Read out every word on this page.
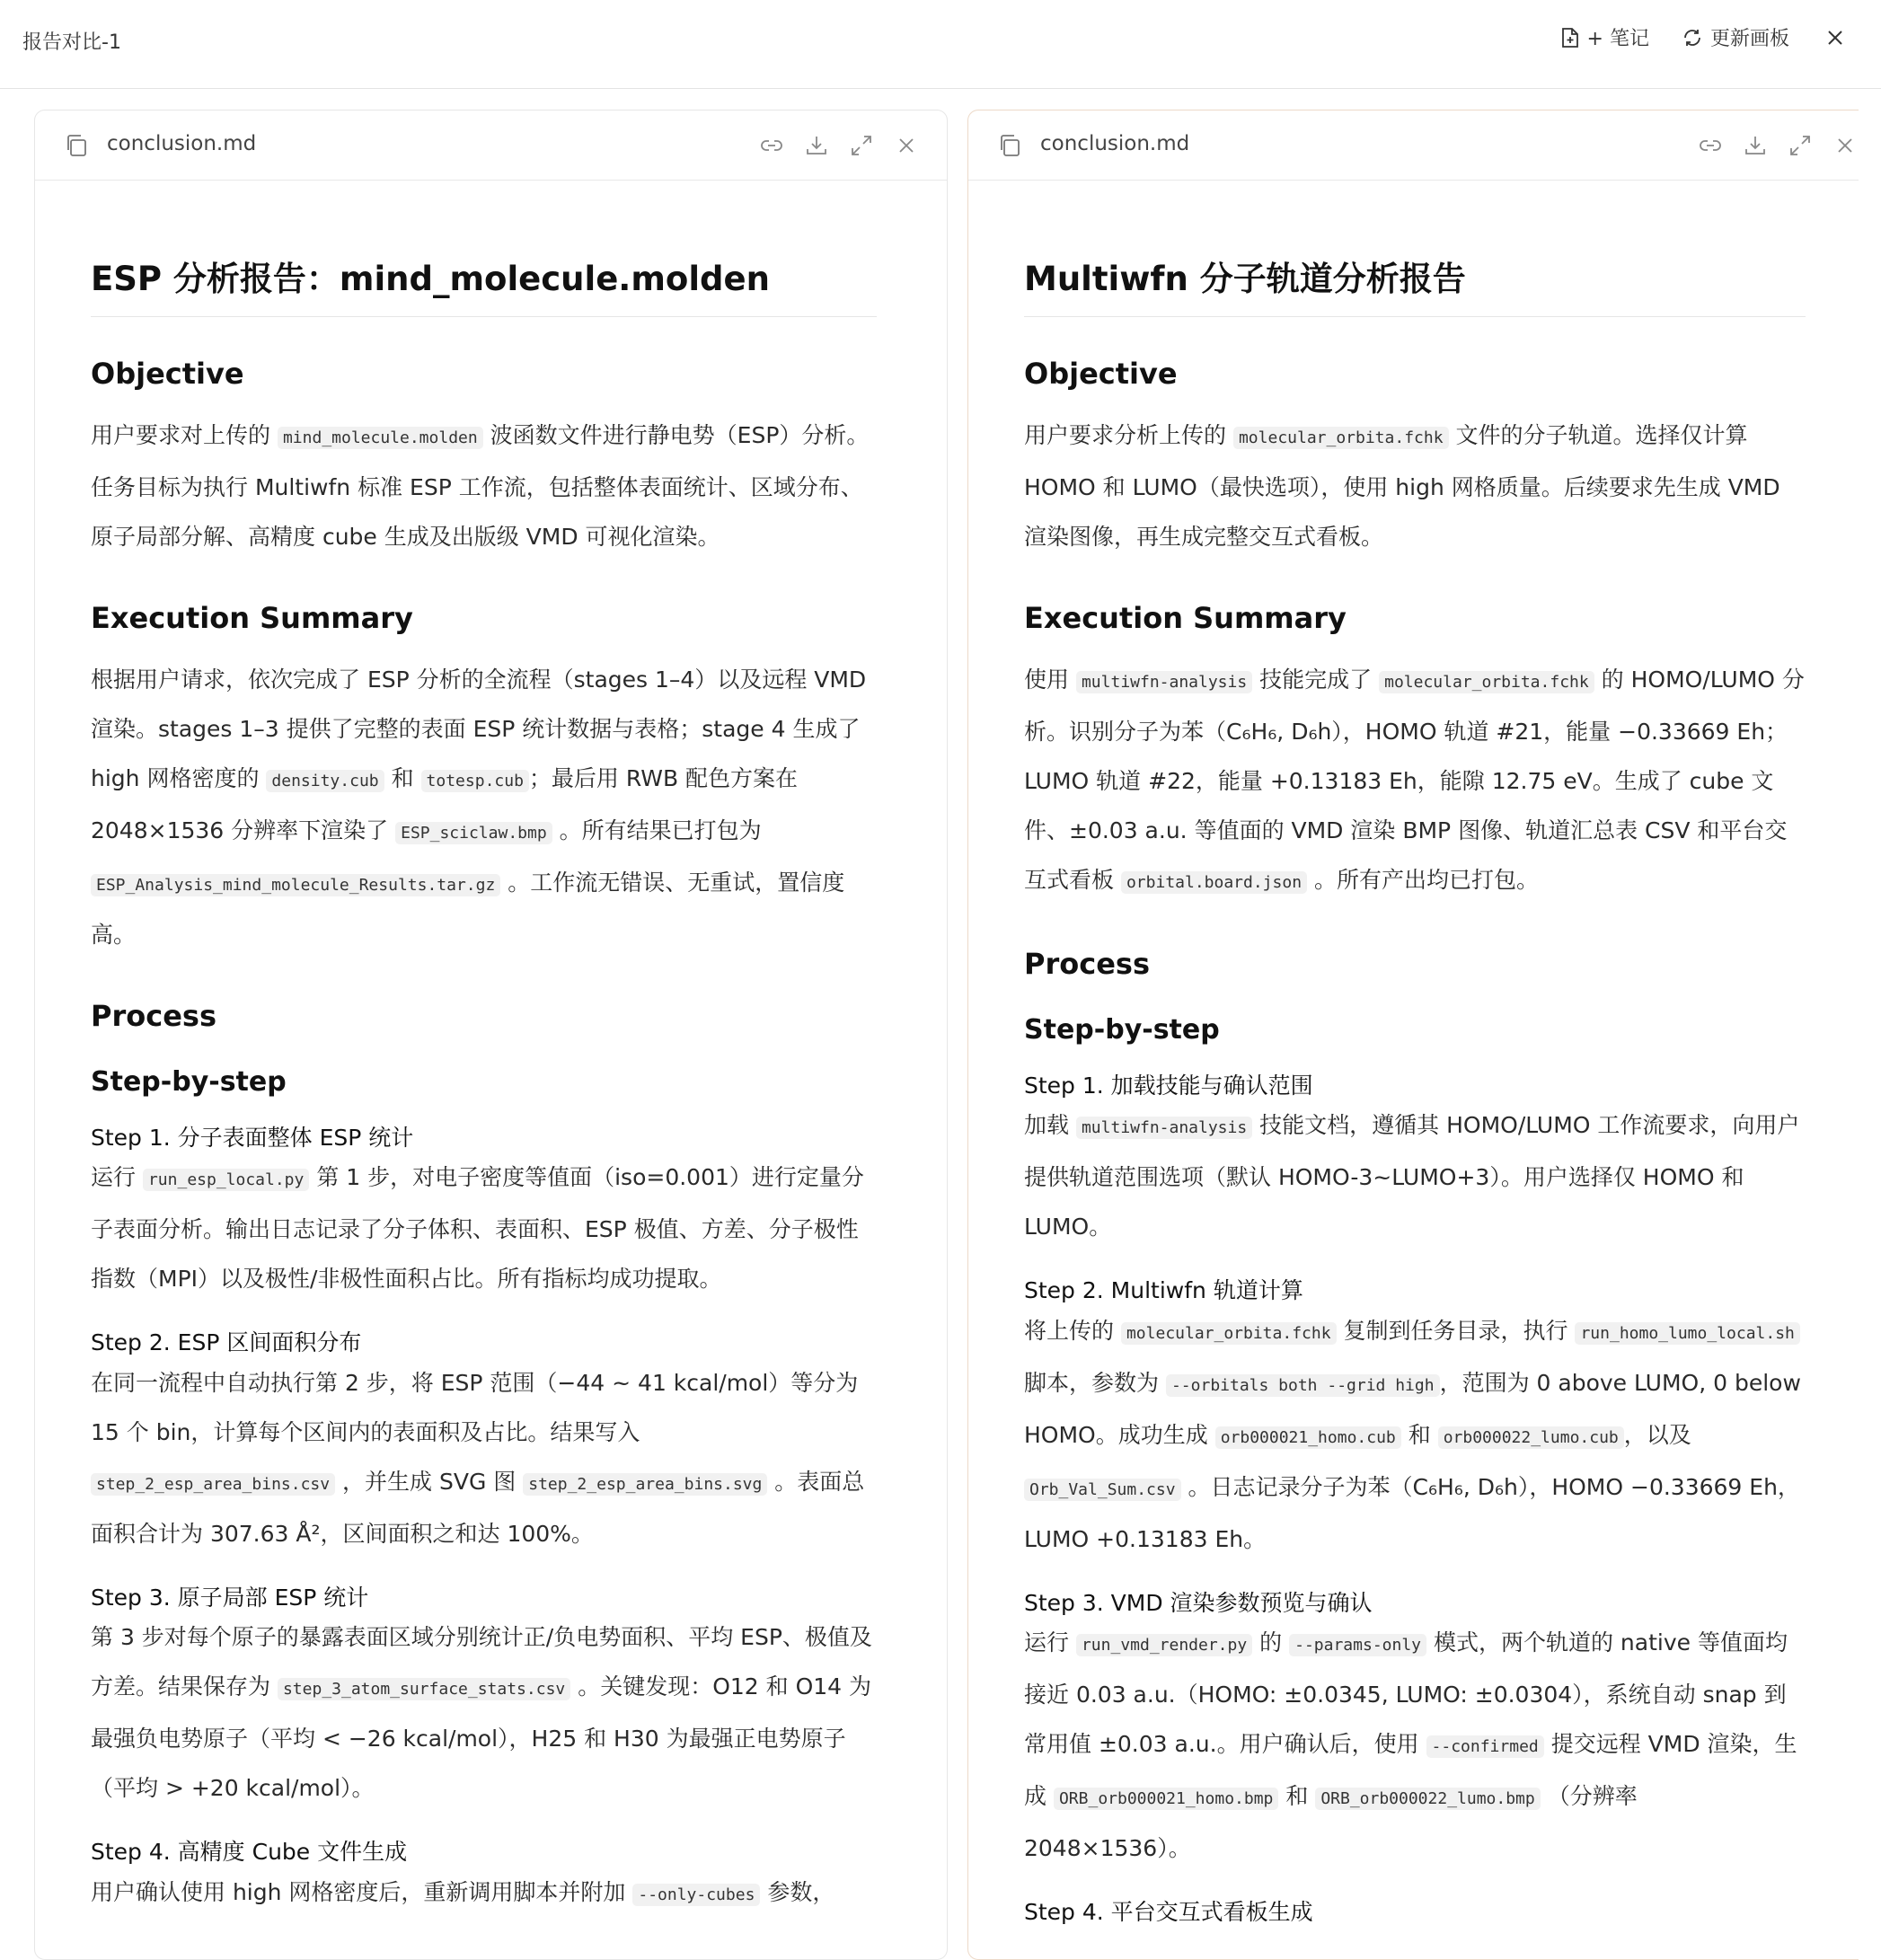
报告对比-1	+ 笔记	更新画板
conclusion.md
ESP 分析报告：mind_molecule.molden
Objective
用户要求对上传的 mind_molecule.molden 波函数文件进行静电势（ESP）分析。任务目标为执行 Multiwfn 标准 ESP 工作流，包括整体表面统计、区域分布、原子局部分解、高精度 cube 生成及出版级 VMD 可视化渲染。
Execution Summary
根据用户请求，依次完成了 ESP 分析的全流程（stages 1–4）以及远程 VMD 渲染。stages 1–3 提供了完整的表面 ESP 统计数据与表格；stage 4 生成了 high 网格密度的 density.cub 和 totesp.cub ；最后用 RWB 配色方案在 2048×1536 分辨率下渲染了 ESP_sciclaw.bmp 。所有结果已打包为
ESP_Analysis_mind_molecule_Results.tar.gz 。工作流无错误、无重试，置信度高。
Process
Step-by-step
Step 1. 分子表面整体 ESP 统计
运行 run_esp_local.py 第 1 步，对电子密度等值面（iso=0.001）进行定量分子表面分析。输出日志记录了分子体积、表面积、ESP 极值、方差、分子极性指数（MPI）以及极性/非极性面积占比。所有指标均成功提取。
Step 2. ESP 区间面积分布
在同一流程中自动执行第 2 步，将 ESP 范围（−44 ~ 41 kcal/mol）等分为 15 个 bin，计算每个区间内的表面积及占比。结果写入
step_2_esp_area_bins.csv ，并生成 SVG 图 step_2_esp_area_bins.svg 。表面总面积合计为 307.63 Å²，区间面积之和达 100%。
Step 3. 原子局部 ESP 统计
第 3 步对每个原子的暴露表面区域分别统计正/负电势面积、平均 ESP、极值及方差。结果保存为 step_3_atom_surface_stats.csv 。关键发现：O12 和 O14 为最强负电势原子（平均 < −26 kcal/mol），H25 和 H30 为最强正电势原子（平均 > +20 kcal/mol）。
Step 4. 高精度 Cube 文件生成
用户确认使用 high 网格密度后，重新调用脚本并附加 --only-cubes 参数，
conclusion.md
Multiwfn 分子轨道分析报告
Objective
用户要求分析上传的 molecular_orbita.fchk 文件的分子轨道。选择仅计算 HOMO 和 LUMO（最快选项），使用 high 网格质量。后续要求先生成 VMD 渲染图像，再生成完整交互式看板。
Execution Summary
使用 multiwfn-analysis 技能完成了 molecular_orbita.fchk 的 HOMO/LUMO 分析。识别分子为苯（C₆H₆, D₆h），HOMO 轨道 #21，能量 −0.33669 Eh；LUMO 轨道 #22，能量 +0.13183 Eh，能隙 12.75 eV。生成了 cube 文件、±0.03 a.u. 等值面的 VMD 渲染 BMP 图像、轨道汇总表 CSV 和平台交互式看板 orbital.board.json 。所有产出均已打包。
Process
Step-by-step
Step 1. 加载技能与确认范围
加载 multiwfn-analysis 技能文档，遵循其 HOMO/LUMO 工作流要求，向用户提供轨道范围选项（默认 HOMO-3~LUMO+3）。用户选择仅 HOMO 和 LUMO。
Step 2. Multiwfn 轨道计算
将上传的 molecular_orbita.fchk 复制到任务目录，执行 run_homo_lumo_local.sh 脚本，参数为 --orbitals both --grid high ，范围为 0 above LUMO, 0 below HOMO。成功生成 orb000021_homo.cub 和 orb000022_lumo.cub ，以及
Orb_Val_Sum.csv 。日志记录分子为苯（C₆H₆, D₆h），HOMO −0.33669 Eh，LUMO +0.13183 Eh。
Step 3. VMD 渲染参数预览与确认
运行 run_vmd_render.py 的 --params-only 模式，两个轨道的 native 等值面均接近 0.03 a.u.（HOMO: ±0.0345, LUMO: ±0.0304），系统自动 snap 到常用值 ±0.03 a.u.。用户确认后，使用 --confirmed 提交远程 VMD 渲染，生成 ORB_orb000021_homo.bmp 和 ORB_orb000022_lumo.bmp （分辨率 2048×1536）。
Step 4. 平台交互式看板生成
